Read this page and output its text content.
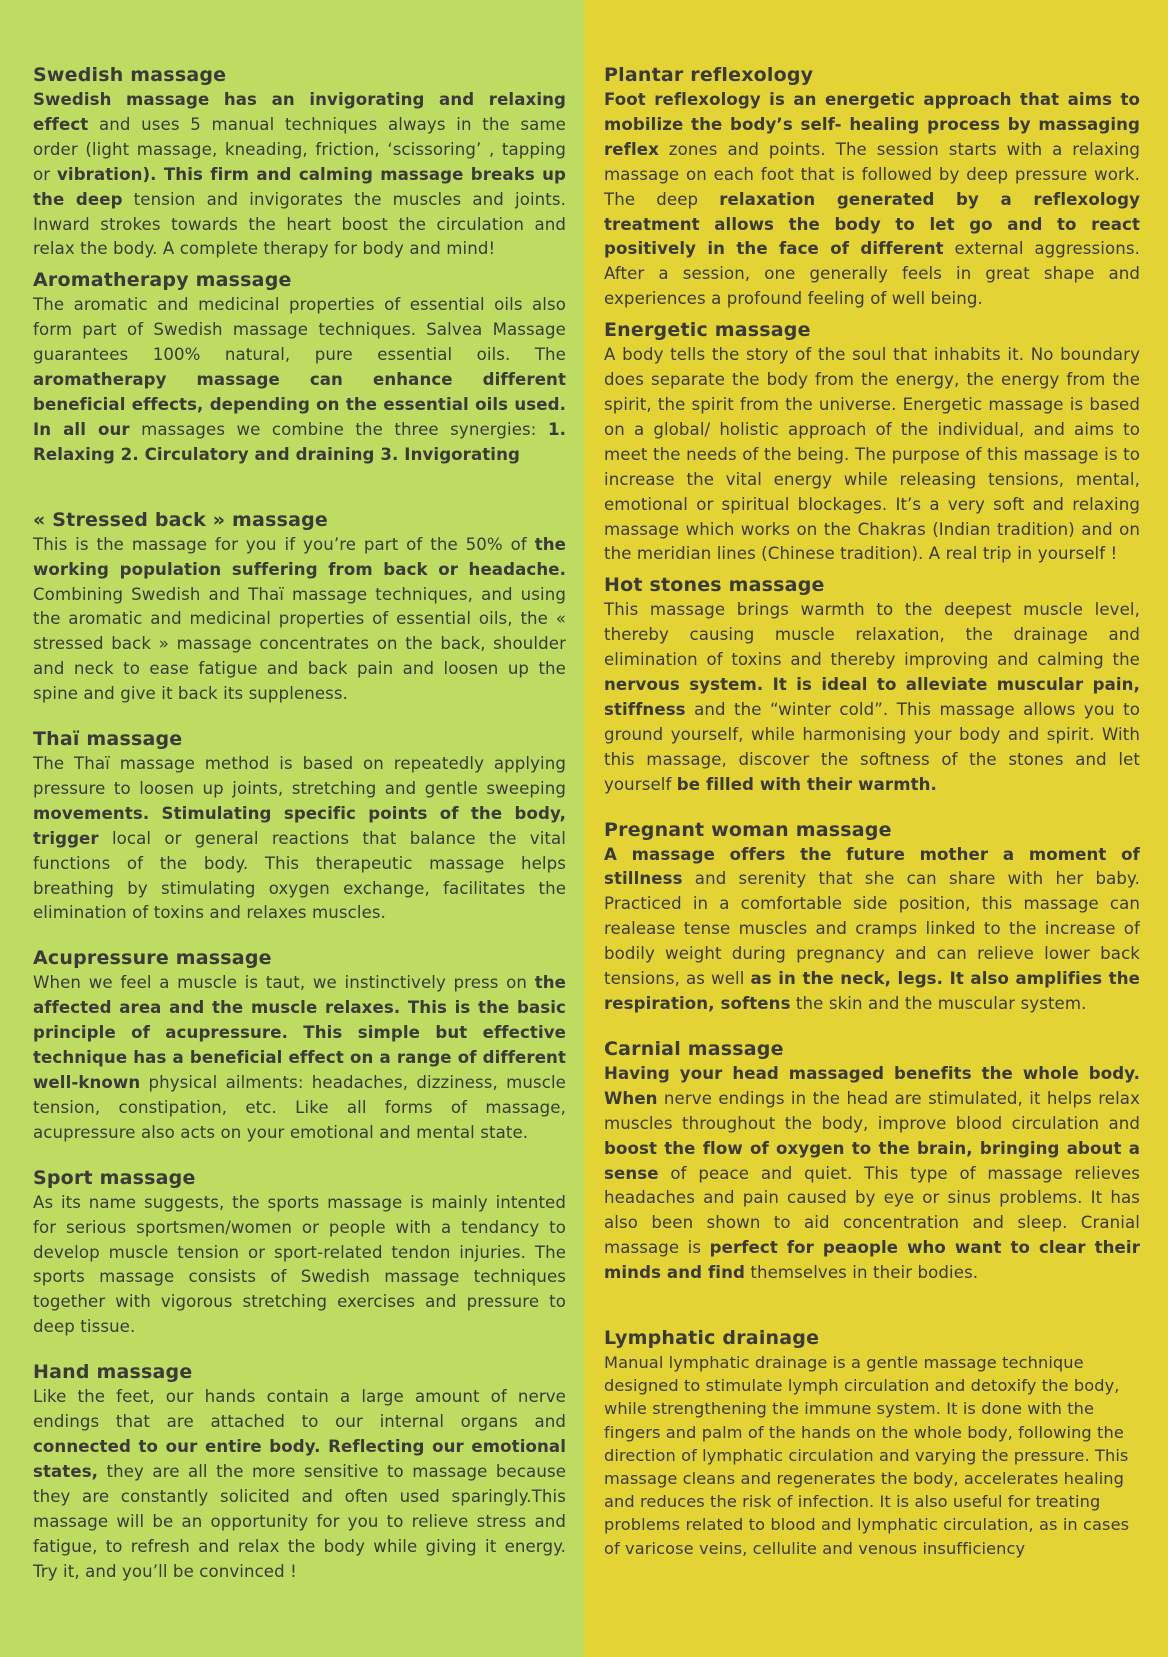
Swedish massage

Swedish massage has an invigorating and relaxing effect and uses 5 manual techniques always in the same order (light massage, kneading, friction, ‘scissoring’ , tapping or vibration). This firm and calming massage breaks up the deep tension and invigorates the muscles and joints. Inward strokes towards the heart boost the circulation and relax the body. A complete therapy for body and mind!

Aromatherapy massage

The aromatic and medicinal properties of essential oils also form part of Swedish massage techniques. Salvea Massage guarantees 100% natural, pure essential oils. The aromatherapy massage can enhance different beneficial effects, depending on the essential oils used. In all our massages we combine the three synergies: 1. Relaxing 2. Circulatory and draining 3. Invigorating

« Stressed back » massage

This is the massage for you if you’re part of the 50% of the working population suffering from back or headache. Combining Swedish and Thaï massage techniques, and using the aromatic and medicinal properties of essential oils, the « stressed back » massage concentrates on the back, shoulder and neck to ease fatigue and back pain and loosen up the spine and give it back its suppleness.

Thaï massage

The Thaï massage method is based on repeatedly applying pressure to loosen up joints, stretching and gentle sweeping movements. Stimulating specific points of the body, trigger local or general reactions that balance the vital functions of the body. This therapeutic massage helps breathing by stimulating oxygen exchange, facilitates the elimination of toxins and relaxes muscles.

Acupressure massage

When we feel a muscle is taut, we instinctively press on the affected area and the muscle relaxes. This is the basic principle of acupressure. This simple but effective technique has a beneficial effect on a range of different well-known physical ailments: headaches, dizziness, muscle tension, constipation, etc. Like all forms of massage, acupressure also acts on your emotional and mental state.

Sport massage

As its name suggests, the sports massage is mainly intented for serious sportsmen/women or people with a tendancy to develop muscle tension or sport-related tendon injuries. The sports massage consists of Swedish massage techniques together with vigorous stretching exercises and pressure to deep tissue.

Hand massage

Like the feet, our hands contain a large amount of nerve endings that are attached to our internal organs and connected to our entire body. Reflecting our emotional states, they are all the more sensitive to massage because they are constantly solicited and often used sparingly.This massage will be an opportunity for you to relieve stress and fatigue, to refresh and relax the body while giving it energy. Try it, and you’ll be convinced !

Plantar reflexology

Foot reflexology is an energetic approach that aims to mobilize the body’s self- healing process by massaging reflex zones and points. The session starts with a relaxing massage on each foot that is followed by deep pressure work. The deep relaxation generated by a reflexology treatment allows the body to let go and to react positively in the face of different external aggressions. After a session, one generally feels in great shape and experiences a profound feeling of well being.

Energetic massage

A body tells the story of the soul that inhabits it. No boundary does separate the body from the energy, the energy from the spirit, the spirit from the universe. Energetic massage is based on a global/ holistic approach of the individual, and aims to meet the needs of the being. The purpose of this massage is to increase the vital energy while releasing tensions, mental, emotional or spiritual blockages. It’s a very soft and relaxing massage which works on the Chakras (Indian tradition) and on the meridian lines (Chinese tradition). A real trip in yourself !

Hot stones massage

This massage brings warmth to the deepest muscle level, thereby causing muscle relaxation, the drainage and elimination of toxins and thereby improving and calming the nervous system. It is ideal to alleviate muscular pain, stiffness and the “winter cold”. This massage allows you to ground yourself, while harmonising your body and spirit. With this massage, discover the softness of the stones and let yourself be filled with their warmth.

Pregnant woman massage

A massage offers the future mother a moment of stillness and serenity that she can share with her baby. Practiced in a comfortable side position, this massage can realease tense muscles and cramps linked to the increase of bodily weight during pregnancy and can relieve lower back tensions, as well as in the neck, legs. It also amplifies the respiration, softens the skin and the muscular system.

Carnial massage

Having your head massaged benefits the whole body. When nerve endings in the head are stimulated, it helps relax muscles throughout the body, improve blood circulation and boost the flow of oxygen to the brain, bringing about a sense of peace and quiet. This type of massage relieves headaches and pain caused by eye or sinus problems. It has also been shown to aid concentration and sleep. Cranial massage is perfect for peaople who want to clear their minds and find themselves in their bodies.

Lymphatic drainage

Manual lymphatic drainage is a gentle massage technique designed to stimulate lymph circulation and detoxify the body, while strengthening the immune system. It is done with the fingers and palm of the hands on the whole body, following the direction of lymphatic circulation and varying the pressure. This massage cleans and regenerates the body, accelerates healing and reduces the risk of infection. It is also useful for treating problems related to blood and lymphatic circulation, as in cases of varicose veins, cellulite and venous insufficiency
